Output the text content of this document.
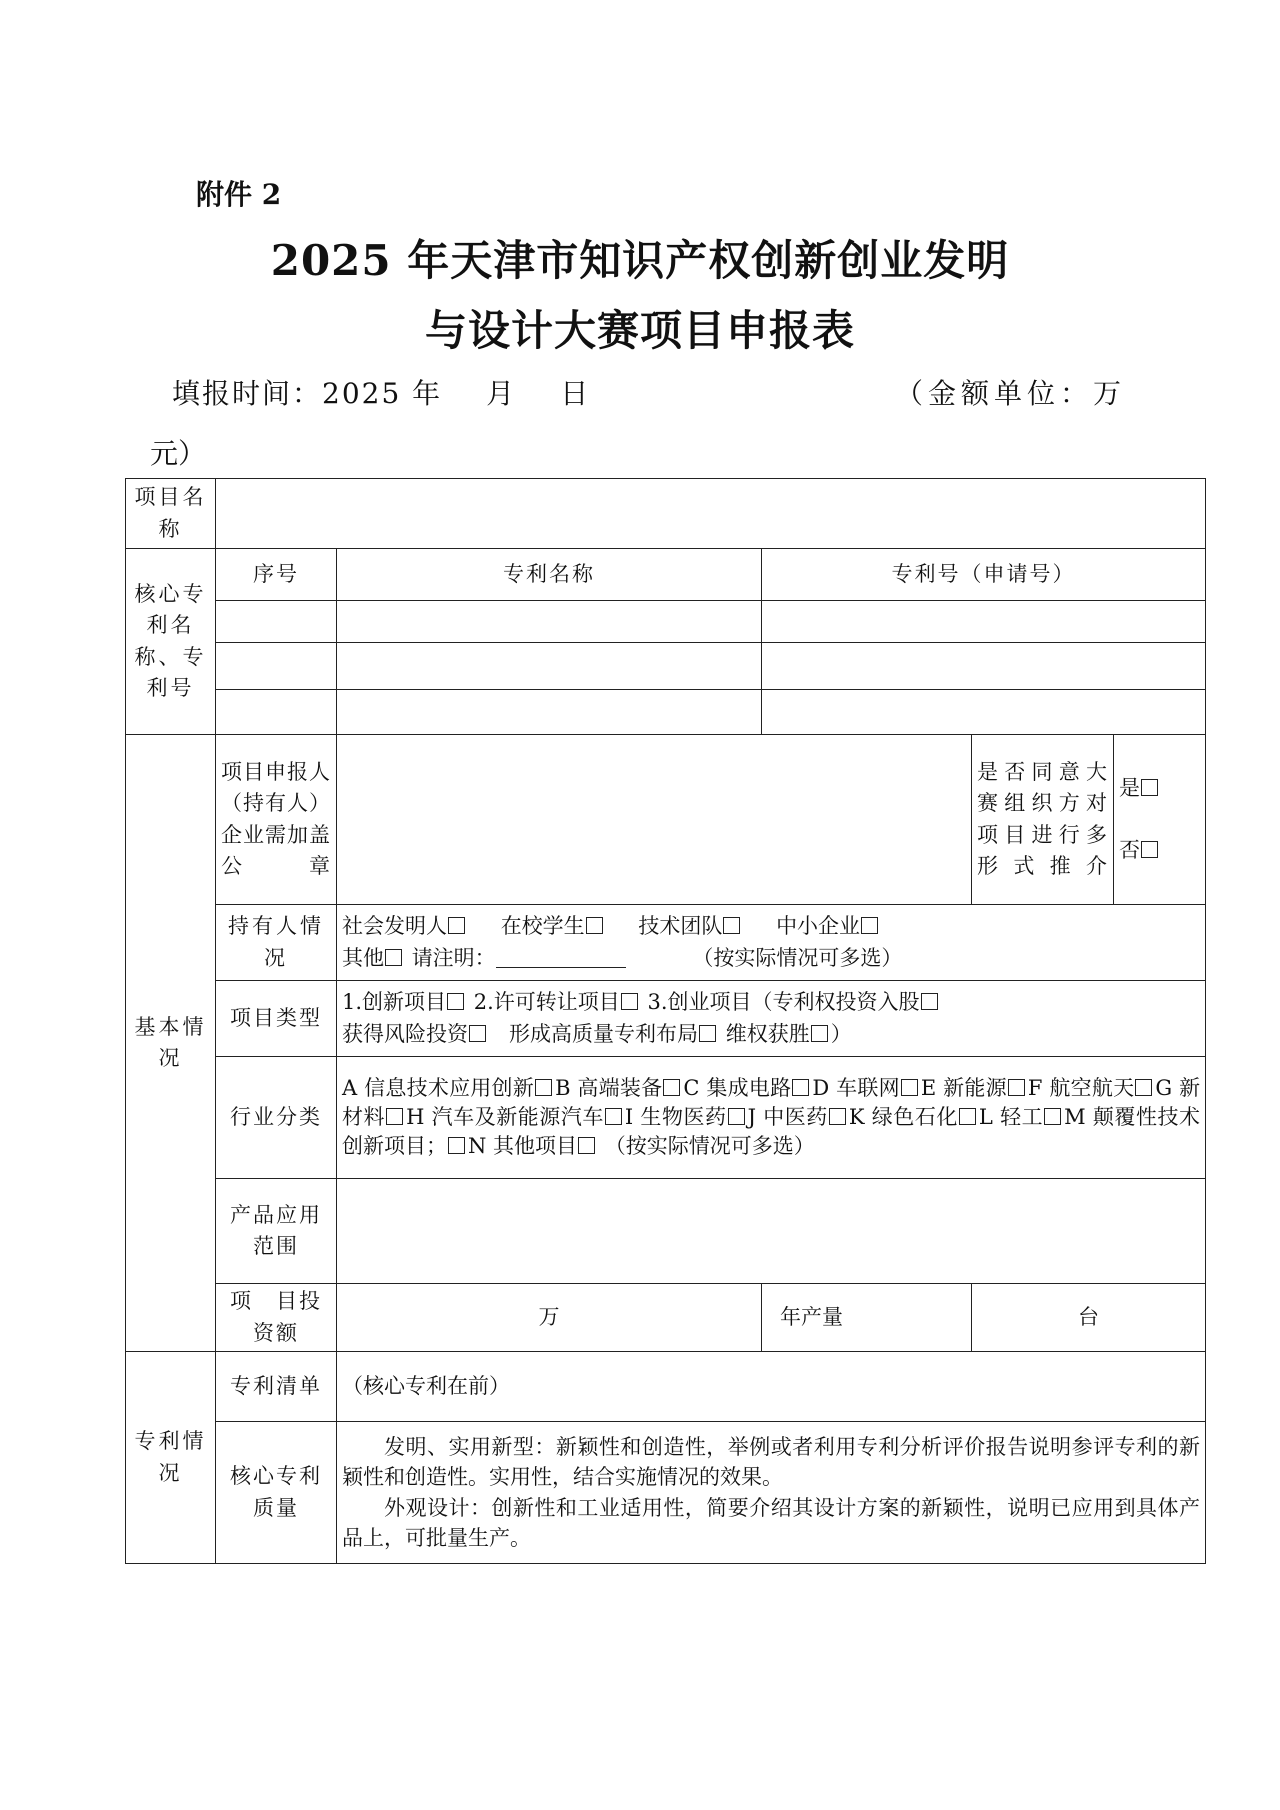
附件 2
2025 年天津市知识产权创新创业发明
与设计大赛项目申报表
填报时间：2025 年 月 日	（金额单位：万
元）
项目名称					
核心专利名称、专利号	序号	专利名称	专利号（申请号）		

基本情况	项目申报人（持有人）企业需加盖公章			是否同意大赛组织方对项目进行多形式推介	是
否

	持有人情　况	社会发明人 在校学生 技术团队 中小企业
其他 请注明： （按实际情况可多选）			

	项目类型	1.创新项目 2.许可转让项目 3.创业项目（专利权投资入股
获得风险投资 形成高质量专利布局 维权获胜 ）			

	行业分类	A 信息技术应用创新 B 高端装备 C 集成电路 D 车联网 E 新能源 F 航空航天 G 新材料 H 汽车及新能源汽车 I 生物医药 J 中医药 K 绿色石化 L 轻工 M 颠覆性技术创新项目； N 其他项目 （按实际情况可多选）			
	产品应用范围				
	项　目投资额	万	年产量	台	
专利情况	专利清单	（核心专利在前）			
	核心专利质量	发明、实用新型：新颖性和创造性，举例或者利用专利分析评价报告说明参评专利的新颖性和创造性。实用性，结合实施情况的效果。
外观设计：创新性和工业适用性，简要介绍其设计方案的新颖性，说明已应用到具体产品上，可批量生产。			
